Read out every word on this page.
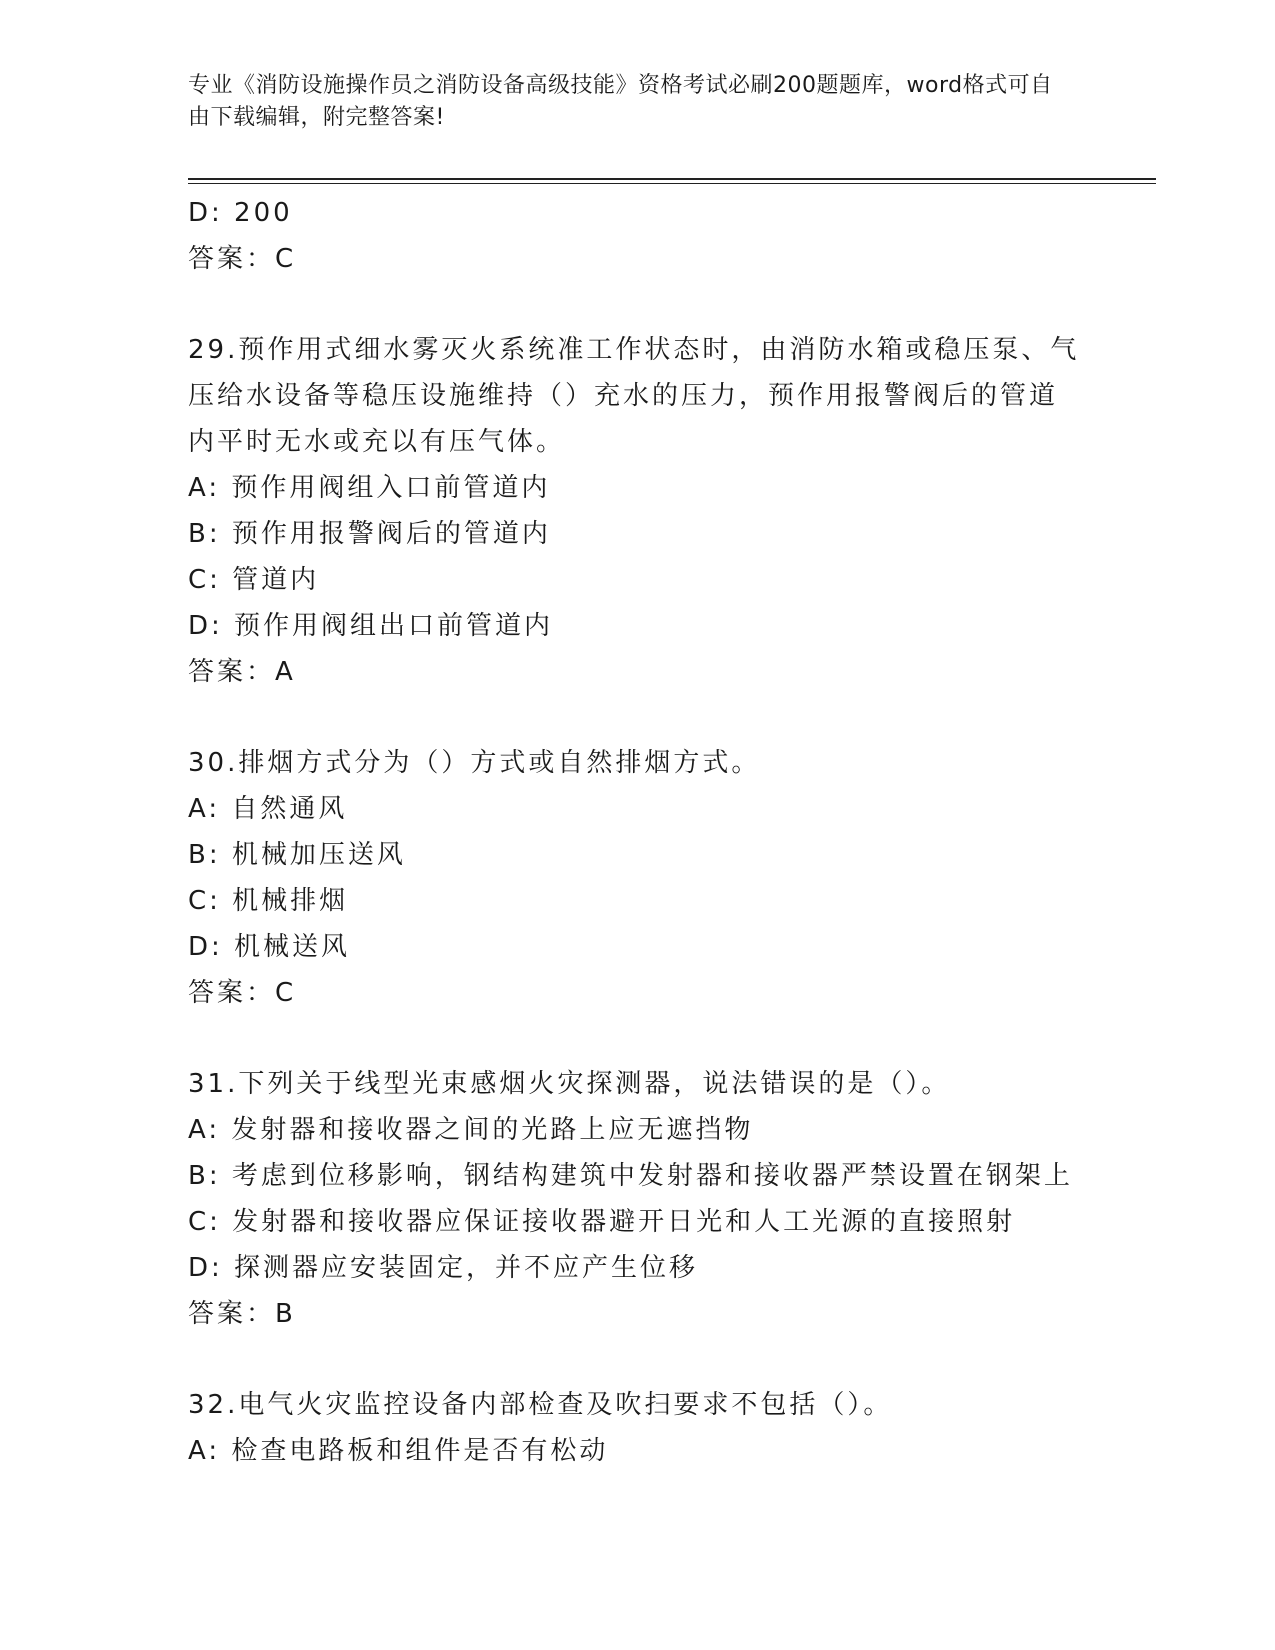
专业《消防设施操作员之消防设备高级技能》资格考试必刷200题题库，word格式可自由下载编辑，附完整答案!
D: 200
答案：C
29.预作用式细水雾灭火系统准工作状态时，由消防水箱或稳压泵、气
压给水设备等稳压设施维持（）充水的压力，预作用报警阀后的管道
内平时无水或充以有压气体。
A: 预作用阀组入口前管道内
B: 预作用报警阀后的管道内
C: 管道内
D: 预作用阀组出口前管道内
答案：A
30.排烟方式分为（）方式或自然排烟方式。
A: 自然通风
B: 机械加压送风
C: 机械排烟
D: 机械送风
答案：C
31.下列关于线型光束感烟火灾探测器，说法错误的是（）。
A: 发射器和接收器之间的光路上应无遮挡物
B: 考虑到位移影响，钢结构建筑中发射器和接收器严禁设置在钢架上
C: 发射器和接收器应保证接收器避开日光和人工光源的直接照射
D: 探测器应安装固定，并不应产生位移
答案：B
32.电气火灾监控设备内部检查及吹扫要求不包括（）。
A: 检查电路板和组件是否有松动
